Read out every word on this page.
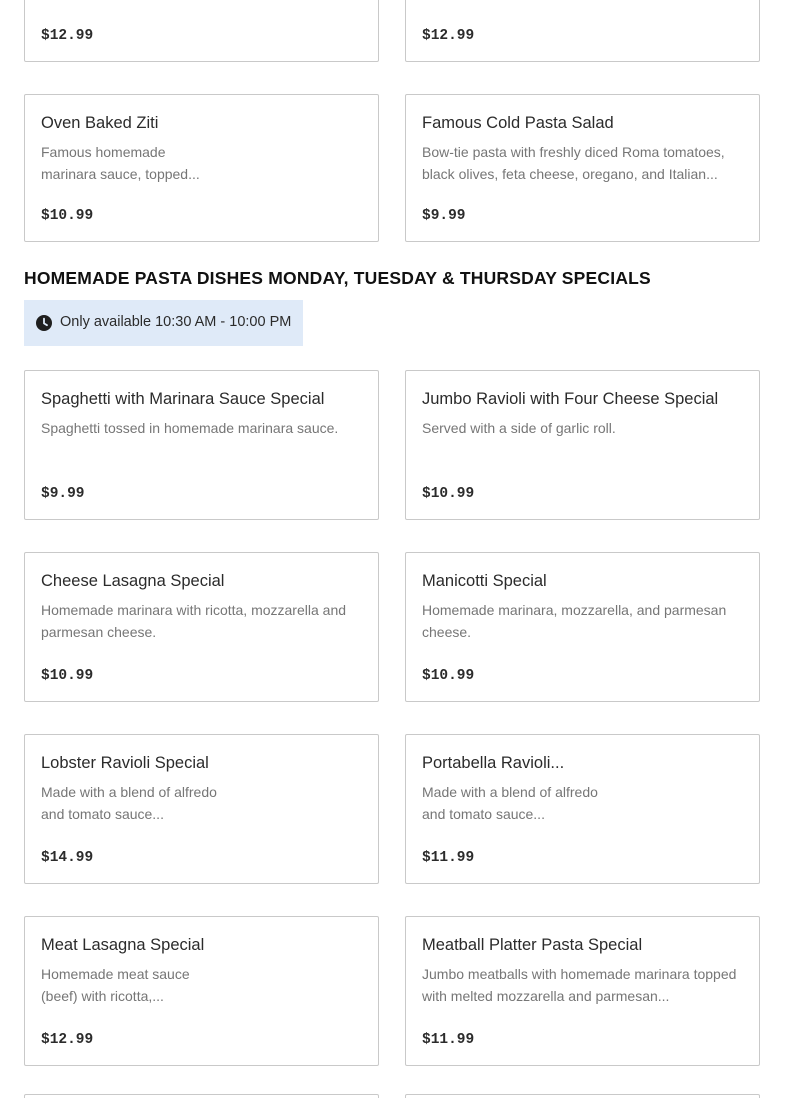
$12.99	$12.99
Oven Baked Ziti
Famous homemade marinara sauce, topped...
$10.99
Famous Cold Pasta Salad
Bow-tie pasta with freshly diced Roma tomatoes, black olives, feta cheese, oregano, and Italian...
$9.99
HOMEMADE PASTA DISHES MONDAY, TUESDAY & THURSDAY SPECIALS
Only available 10:30 AM - 10:00 PM
Spaghetti with Marinara Sauce Special
Spaghetti tossed in homemade marinara sauce.
$9.99
Jumbo Ravioli with Four Cheese Special
Served with a side of garlic roll.
$10.99
Cheese Lasagna Special
Homemade marinara with ricotta, mozzarella and parmesan cheese.
$10.99
Manicotti Special
Homemade marinara, mozzarella, and parmesan cheese.
$10.99
Lobster Ravioli Special
Made with a blend of alfredo and tomato sauce...
$14.99
Portabella Ravioli...
Made with a blend of alfredo and tomato sauce...
$11.99
Meat Lasagna Special
Homemade meat sauce (beef) with ricotta,...
$12.99
Meatball Platter Pasta Special
Jumbo meatballs with homemade marinara topped with melted mozzarella and parmesan...
$11.99
